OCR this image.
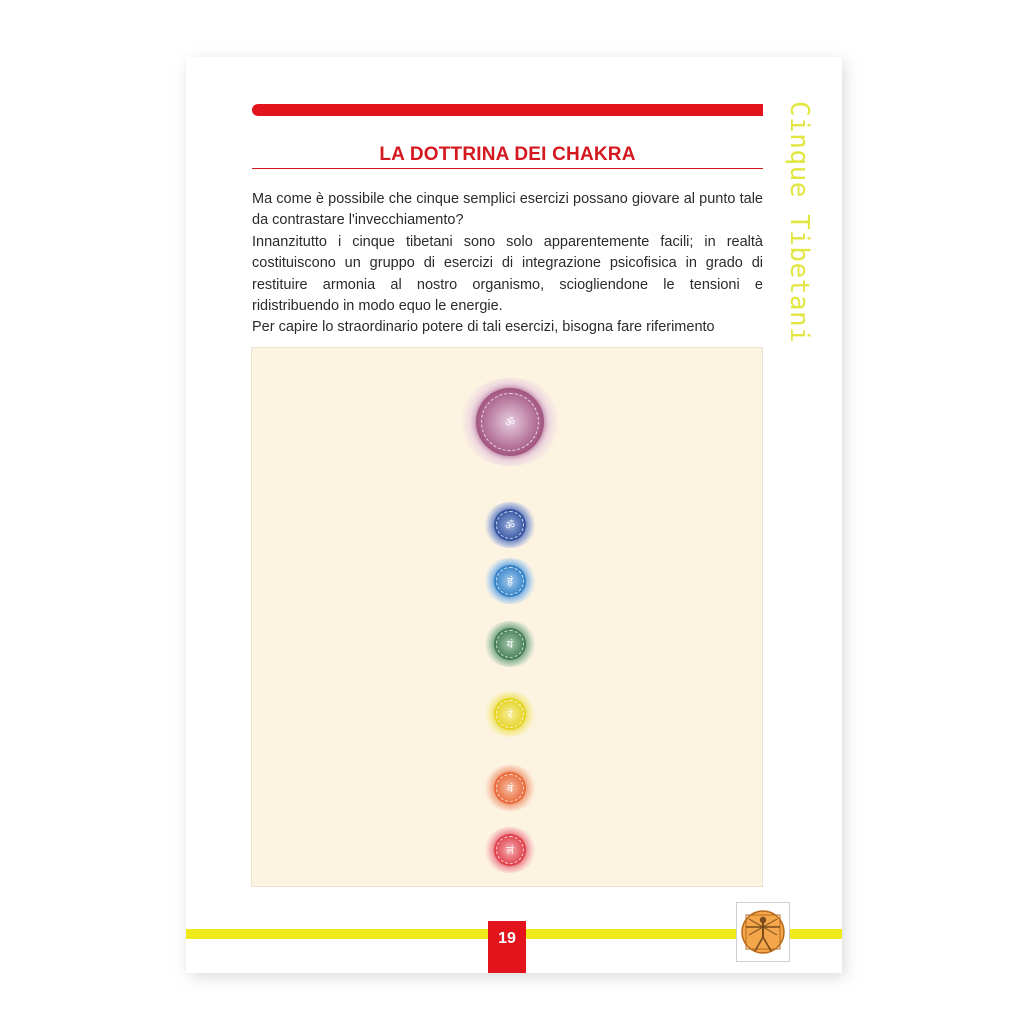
LA DOTTRINA DEI CHAKRA	Cinque Tibetani

Ma come è possibile che cinque semplici esercizi possano giovare al punto tale da contrastare l'invecchiamento?

Innanzitutto i cinque tibetani sono solo apparentemente facili; in realtà costituiscono un gruppo di esercizi di integrazione psicofisica in grado di restituire armonia al nostro organismo, sciogliendone le tensioni e ridistribuendo in modo equo le energie.

Per capire lo straordinario potere di tali esercizi, bisogna fare riferimento

ॐ
ॐ
हं
यं
रं
वं
लं
19
